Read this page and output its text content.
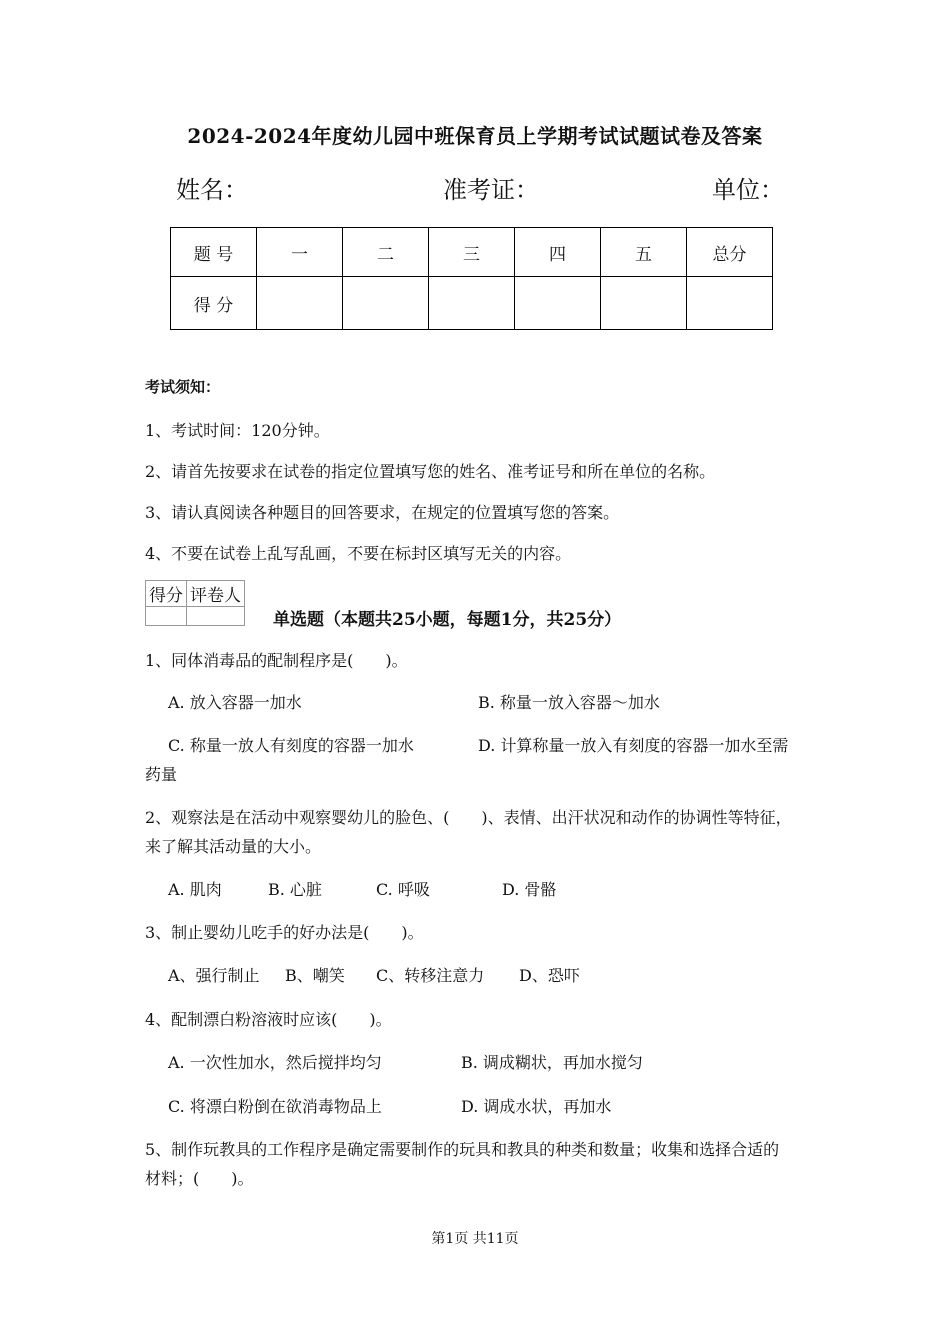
2024-2024年度幼儿园中班保育员上学期考试试题试卷及答案
姓名：	准考证：	单位：
题 号	一	二	三	四	五	总分
得 分						
考试须知：
1、考试时间：120分钟。
2、请首先按要求在试卷的指定位置填写您的姓名、准考证号和所在单位的名称。
3、请认真阅读各种题目的回答要求，在规定的位置填写您的答案。
4、不要在试卷上乱写乱画，不要在标封区填写无关的内容。
得分	评卷人

单选题（本题共25小题，每题1分，共25分）
1、同体消毒品的配制程序是(　　)。
A. 放入容器一加水	B. 称量一放入容器～加水
C. 称量一放人有刻度的容器一加水	D. 计算称量一放入有刻度的容器一加水至需
药量
2、观察法是在活动中观察婴幼儿的脸色、(　　)、表情、出汗状况和动作的协调性等特征，
来了解其活动量的大小。
A. 肌肉	B. 心脏	C. 呼吸	D. 骨骼
3、制止婴幼儿吃手的好办法是(　　)。
A、强行制止 B、嘲笑 C、转移注意力 D、恐吓
4、配制漂白粉溶液时应该(　　)。
A. 一次性加水，然后搅拌均匀	B. 调成糊状，再加水搅匀
C. 将漂白粉倒在欲消毒物品上	D. 调成水状，再加水
5、制作玩教具的工作程序是确定需要制作的玩具和教具的种类和数量；收集和选择合适的
材料；(　　)。
第1页 共11页
